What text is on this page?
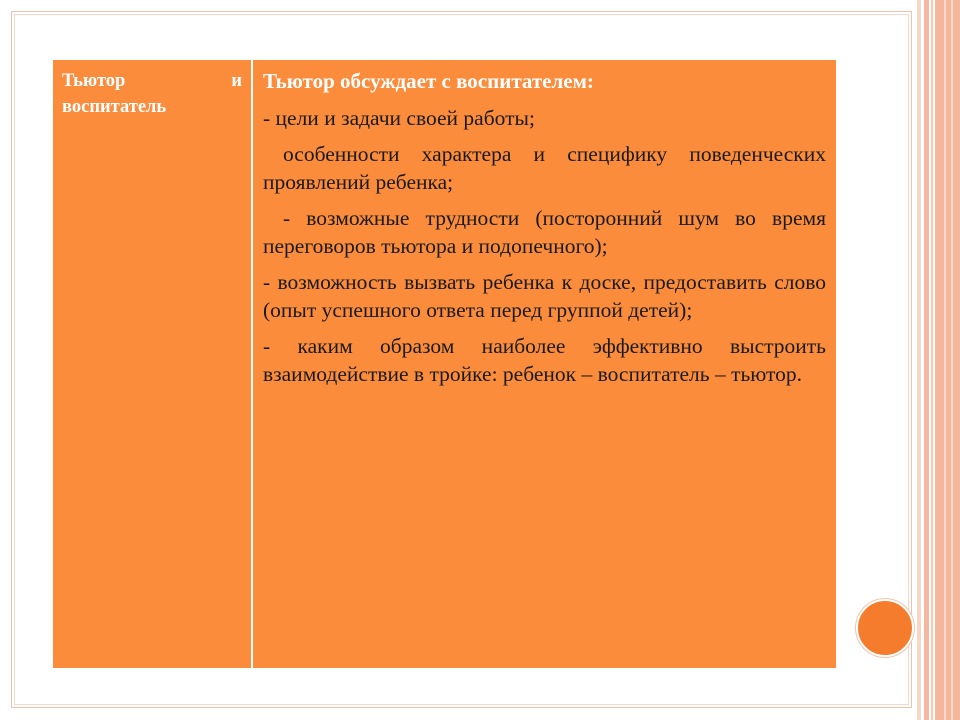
Тьютор и

воспитатель

Тьютор обсуждает с воспитателем:

- цели и задачи своей работы;

особенности характера и специфику поведенческих проявлений ребенка;

- возможные трудности (посторонний шум во время переговоров тьютора и подопечного);

- возможность вызвать ребенка к доске, предоставить слово (опыт успешного ответа перед группой детей);

- каким образом наиболее эффективно выстроить взаимодействие в тройке: ребенок – воспитатель – тьютор.
